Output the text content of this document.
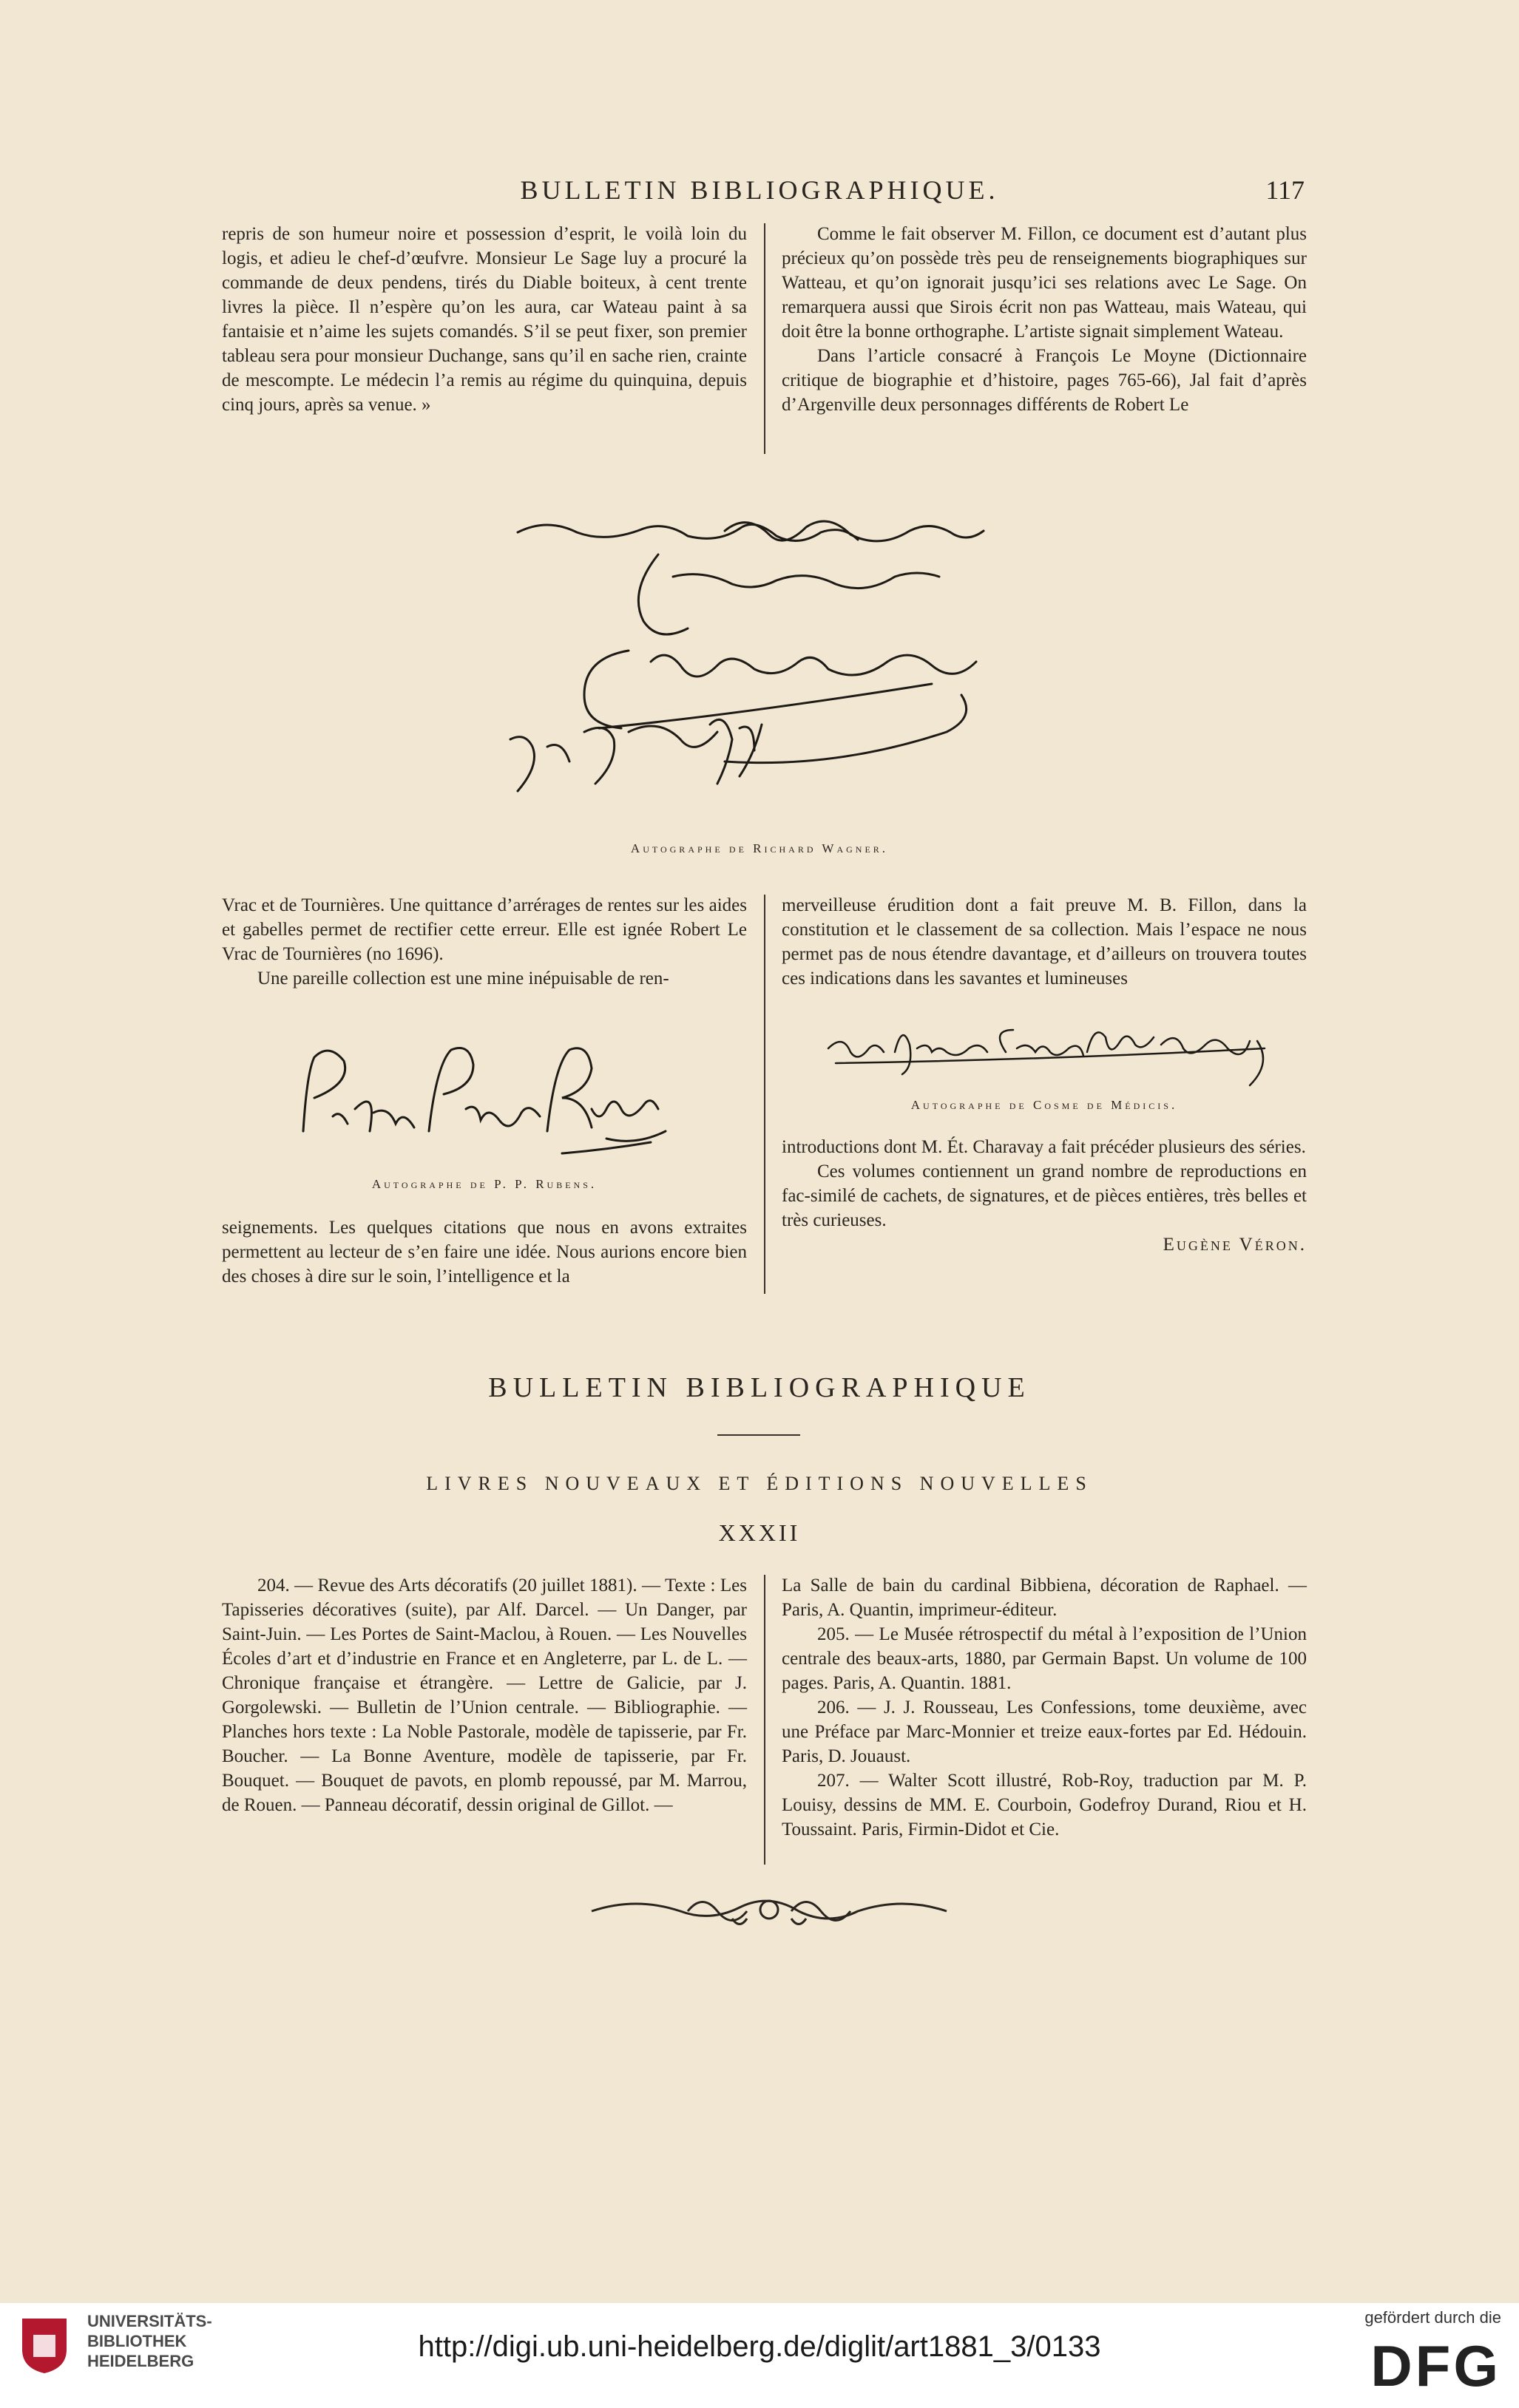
BULLETIN BIBLIOGRAPHIQUE.	117

repris de son humeur noire et possession d’esprit, le voilà loin du logis, et adieu le chef-d’œufvre. Monsieur Le Sage luy a procuré la commande de deux pendens, tirés du Diable boiteux, à cent trente livres la pièce. Il n’espère qu’on les aura, car Wateau paint à sa fantaisie et n’aime les sujets comandés. S’il se peut fixer, son premier tableau sera pour monsieur Duchange, sans qu’il en sache rien, crainte de mescompte. Le médecin l’a remis au régime du quinquina, depuis cinq jours, après sa venue. »

Comme le fait observer M. Fillon, ce document est d’autant plus précieux qu’on possède très peu de renseignements biographiques sur Watteau, et qu’on ignorait jusqu’ici ses relations avec Le Sage. On remarquera aussi que Sirois écrit non pas Watteau, mais Wateau, qui doit être la bonne orthographe. L’artiste signait simplement Wateau.

Dans l’article consacré à François Le Moyne (Dictionnaire critique de biographie et d’histoire, pages 765-66), Jal fait d’après d’Argenville deux personnages différents de Robert Le

Autographe de Richard Wagner.

Vrac et de Tournières. Une quittance d’arrérages de rentes sur les aides et gabelles permet de rectifier cette erreur. Elle est ignée Robert Le Vrac de Tournières (no 1696).

Une pareille collection est une mine inépuisable de ren-

Autographe de P. P. Rubens.

seignements. Les quelques citations que nous en avons extraites permettent au lecteur de s’en faire une idée. Nous aurions encore bien des choses à dire sur le soin, l’intelligence et la

merveilleuse érudition dont a fait preuve M. B. Fillon, dans la constitution et le classement de sa collection. Mais l’espace ne nous permet pas de nous étendre davantage, et d’ailleurs on trouvera toutes ces indications dans les savantes et lumineuses

Autographe de Cosme de Médicis.

introductions dont M. Ét. Charavay a fait précéder plusieurs des séries.

Ces volumes contiennent un grand nombre de reproductions en fac-similé de cachets, de signatures, et de pièces entières, très belles et très curieuses.

Eugène Véron.

BULLETIN BIBLIOGRAPHIQUE
LIVRES NOUVEAUX ET ÉDITIONS NOUVELLES
XXXII

204. — Revue des Arts décoratifs (20 juillet 1881). — Texte : Les Tapisseries décoratives (suite), par Alf. Darcel. — Un Danger, par Saint-Juin. — Les Portes de Saint-Maclou, à Rouen. — Les Nouvelles Écoles d’art et d’industrie en France et en Angleterre, par L. de L. — Chronique française et étrangère. — Lettre de Galicie, par J. Gorgolewski. — Bulletin de l’Union centrale. — Bibliographie. — Planches hors texte : La Noble Pastorale, modèle de tapisserie, par Fr. Boucher. — La Bonne Aventure, modèle de tapisserie, par Fr. Bouquet. — Bouquet de pavots, en plomb repoussé, par M. Marrou, de Rouen. — Panneau décoratif, dessin original de Gillot. —

La Salle de bain du cardinal Bibbiena, décoration de Raphael. — Paris, A. Quantin, imprimeur-éditeur.

205. — Le Musée rétrospectif du métal à l’exposition de l’Union centrale des beaux-arts, 1880, par Germain Bapst. Un volume de 100 pages. Paris, A. Quantin. 1881.

206. — J. J. Rousseau, Les Confessions, tome deuxième, avec une Préface par Marc-Monnier et treize eaux-fortes par Ed. Hédouin. Paris, D. Jouaust.

207. — Walter Scott illustré, Rob-Roy, traduction par M. P. Louisy, dessins de MM. E. Courboin, Godefroy Durand, Riou et H. Toussaint. Paris, Firmin-Didot et Cie.

UNIVERSITÄTS-
BIBLIOTHEK
HEIDELBERG	http://digi.ub.uni-heidelberg.de/diglit/art1881_3/0133
gefördert durch die
DFG
